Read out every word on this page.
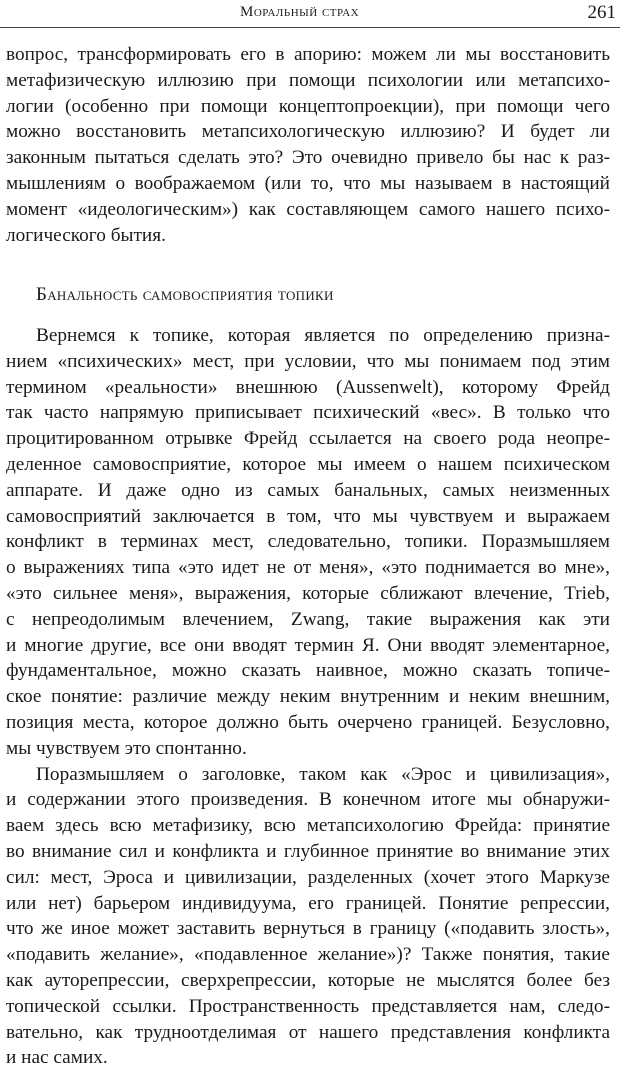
Моральный страх	261
вопрос, трансформировать его в апорию: можем ли мы восстановить
метафизическую иллюзию при помощи психологии или метапсихо-
логии (особенно при помощи концептопроекции), при помощи чего
можно восстановить метапсихологическую иллюзию? И будет ли
законным пытаться сделать это? Это очевидно привело бы нас к раз-
мышлениям о воображаемом (или то, что мы называем в настоящий
момент «идеологическим») как составляющем самого нашего психо-
логического бытия.
Банальность самовосприятия топики
Вернемся к топике, которая является по определению призна-
нием «психических» мест, при условии, что мы понимаем под этим
термином «реальности» внешнюю (Aussenwelt), которому Фрейд
так часто напрямую приписывает психический «вес». В только что
процитированном отрывке Фрейд ссылается на своего рода неопре-
деленное самовосприятие, которое мы имеем о нашем психическом
аппарате. И даже одно из самых банальных, самых неизменных
самовосприятий заключается в том, что мы чувствуем и выражаем
конфликт в терминах мест, следовательно, топики. Поразмышляем
о выражениях типа «это идет не от меня», «это поднимается во мне»,
«это сильнее меня», выражения, которые сближают влечение, Trieb,
с непреодолимым влечением, Zwang, такие выражения как эти
и многие другие, все они вводят термин Я. Они вводят элементарное,
фундаментальное, можно сказать наивное, можно сказать топиче-
ское понятие: различие между неким внутренним и неким внешним,
позиция места, которое должно быть очерчено границей. Безусловно,
мы чувствуем это спонтанно.
Поразмышляем о заголовке, таком как «Эрос и цивилизация»,
и содержании этого произведения. В конечном итоге мы обнаружи-
ваем здесь всю метафизику, всю метапсихологию Фрейда: принятие
во внимание сил и конфликта и глубинное принятие во внимание этих
сил: мест, Эроса и цивилизации, разделенных (хочет этого Маркузе
или нет) барьером индивидуума, его границей. Понятие репрессии,
что же иное может заставить вернуться в границу («подавить злость»,
«подавить желание», «подавленное желание»)? Также понятия, такие
как ауторепрессии, сверхрепрессии, которые не мыслятся более без
топической ссылки. Пространственность представляется нам, следо-
вательно, как трудноотделимая от нашего представления конфликта
и нас самих.
